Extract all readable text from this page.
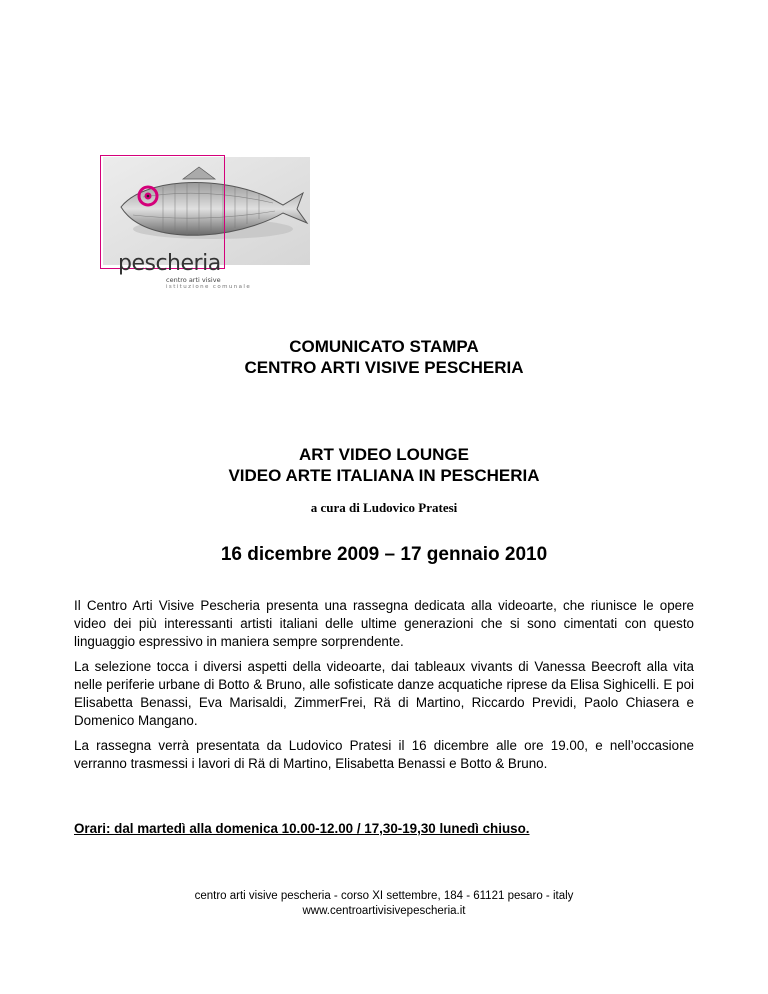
pescheria
centro arti visive
istituzione comunale
COMUNICATO STAMPA
CENTRO ARTI VISIVE PESCHERIA
ART VIDEO LOUNGE
VIDEO ARTE ITALIANA IN PESCHERIA
a cura di Ludovico Pratesi
16 dicembre 2009 – 17 gennaio 2010

Il Centro Arti Visive Pescheria presenta una rassegna dedicata alla videoarte, che riunisce le opere video dei più interessanti artisti italiani delle ultime generazioni che si sono cimentati con questo linguaggio espressivo in maniera sempre sorprendente.

La selezione tocca i diversi aspetti della videoarte, dai tableaux vivants di Vanessa Beecroft alla vita nelle periferie urbane di Botto & Bruno, alle sofisticate danze acquatiche riprese da Elisa Sighicelli. E poi Elisabetta Benassi, Eva Marisaldi, ZimmerFrei, Rä di Martino, Riccardo Previdi, Paolo Chiasera e Domenico Mangano.

La rassegna verrà presentata da Ludovico Pratesi il 16 dicembre alle ore 19.00, e nell’occasione verranno trasmessi i lavori di Rä di Martino, Elisabetta Benassi e Botto & Bruno.

Orari: dal martedì alla domenica 10.00-12.00 / 17,30-19,30 lunedì chiuso.
centro arti visive pescheria - corso XI settembre, 184 - 61121 pesaro - italy
www.centroartivisivepescheria.it
